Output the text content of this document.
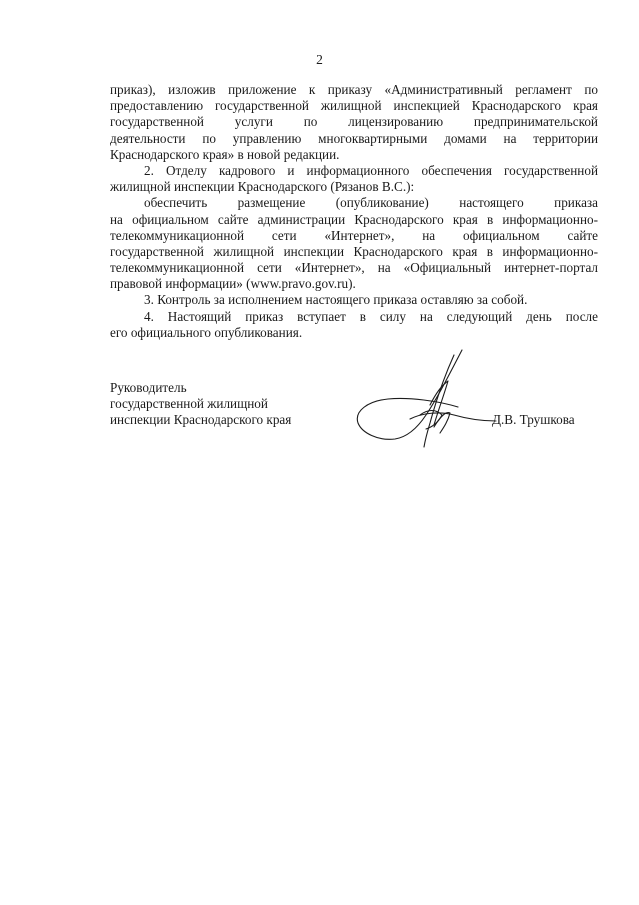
2
приказ), изложив приложение к приказу «Административный регламент по
предоставлению государственной жилищной инспекцией Краснодарского края
государственной услуги по лицензированию предпринимательской
деятельности по управлению многоквартирными домами на территории
Краснодарского края» в новой редакции.
2. Отделу кадрового и информационного обеспечения государственной
жилищной инспекции Краснодарского (Рязанов В.С.):
обеспечить размещение (опубликование) настоящего приказа
на официальном сайте администрации Краснодарского края в информационно-
телекоммуникационной сети «Интернет», на официальном сайте
государственной жилищной инспекции Краснодарского края в информационно-
телекоммуникационной сети «Интернет», на «Официальный интернет-портал
правовой информации» (www.pravo.gov.ru).
3. Контроль за исполнением настоящего приказа оставляю за собой.
4. Настоящий приказ вступает в силу на следующий день после
его официального опубликования.
Руководитель
государственной жилищной
инспекции Краснодарского края	Д.В. Трушкова
